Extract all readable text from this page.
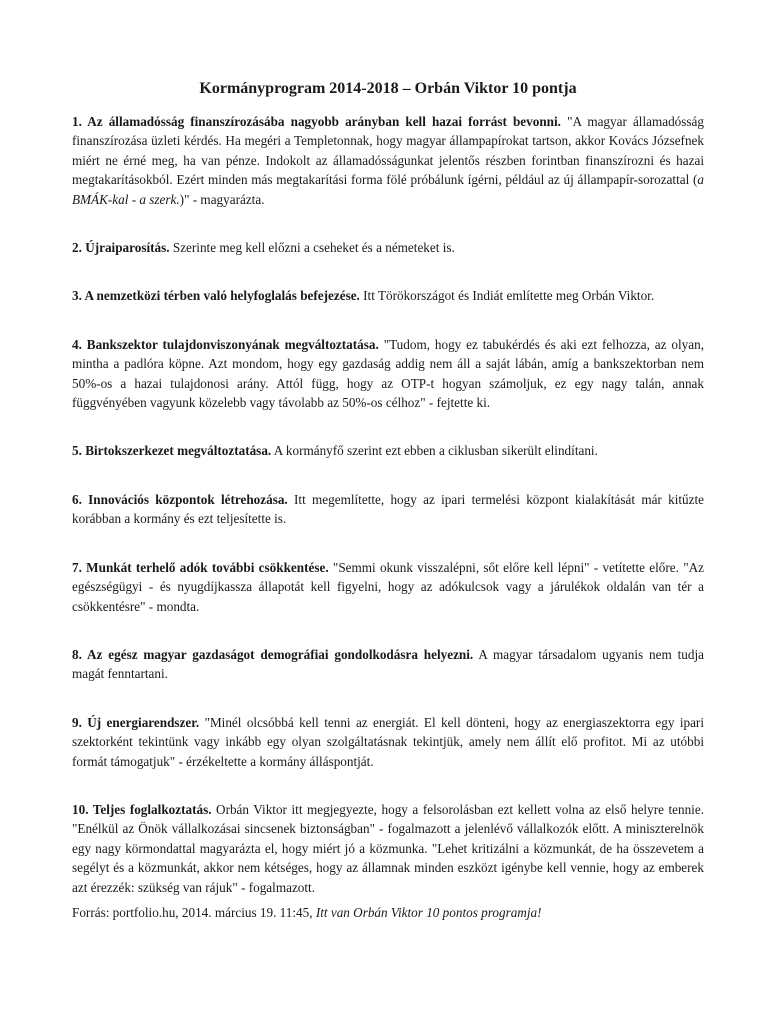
Kormányprogram 2014-2018 – Orbán Viktor 10 pontja

1. Az államadósság finanszírozásába nagyobb arányban kell hazai forrást bevonni. "A magyar államadósság finanszírozása üzleti kérdés. Ha megéri a Templetonnak, hogy magyar állampapírokat tartson, akkor Kovács Józsefnek miért ne érné meg, ha van pénze. Indokolt az államadósságunkat jelentős részben forintban finanszírozni és hazai megtakarításokból. Ezért minden más megtakarítási forma fölé próbálunk ígérni, például az új állampapír-sorozattal (a BMÁK-kal - a szerk.)" - magyarázta.

2. Újraiparosítás. Szerinte meg kell előzni a cseheket és a németeket is.

3. A nemzetközi térben való helyfoglalás befejezése. Itt Törökországot és Indiát említette meg Orbán Viktor.

4. Bankszektor tulajdonviszonyának megváltoztatása. "Tudom, hogy ez tabukérdés és aki ezt felhozza, az olyan, mintha a padlóra köpne. Azt mondom, hogy egy gazdaság addig nem áll a saját lábán, amíg a bankszektorban nem 50%-os a hazai tulajdonosi arány. Attól függ, hogy az OTP-t hogyan számoljuk, ez egy nagy talán, annak függvényében vagyunk közelebb vagy távolabb az 50%-os célhoz" - fejtette ki.

5. Birtokszerkezet megváltoztatása. A kormányfő szerint ezt ebben a ciklusban sikerült elindítani.

6. Innovációs központok létrehozása. Itt megemlítette, hogy az ipari termelési központ kialakítását már kitűzte korábban a kormány és ezt teljesítette is.

7. Munkát terhelő adók további csökkentése. "Semmi okunk visszalépni, sőt előre kell lépni" - vetítette előre. "Az egészségügyi - és nyugdíjkassza állapotát kell figyelni, hogy az adókulcsok vagy a járulékok oldalán van tér a csökkentésre" - mondta.

8. Az egész magyar gazdaságot demográfiai gondolkodásra helyezni. A magyar társadalom ugyanis nem tudja magát fenntartani.

9. Új energiarendszer. "Minél olcsóbbá kell tenni az energiát. El kell dönteni, hogy az energiaszektorra egy ipari szektorként tekintünk vagy inkább egy olyan szolgáltatásnak tekintjük, amely nem állít elő profitot. Mi az utóbbi formát támogatjuk" - érzékeltette a kormány álláspontját.

10. Teljes foglalkoztatás. Orbán Viktor itt megjegyezte, hogy a felsorolásban ezt kellett volna az első helyre tennie. "Enélkül az Önök vállalkozásai sincsenek biztonságban" - fogalmazott a jelenlévő vállalkozók előtt. A miniszterelnök egy nagy körmondattal magyarázta el, hogy miért jó a közmunka. "Lehet kritizálni a közmunkát, de ha összevetem a segélyt és a közmunkát, akkor nem kétséges, hogy az államnak minden eszközt igénybe kell vennie, hogy az emberek azt érezzék: szükség van rájuk" - fogalmazott.

Forrás: portfolio.hu, 2014. március 19. 11:45, Itt van Orbán Viktor 10 pontos programja!
